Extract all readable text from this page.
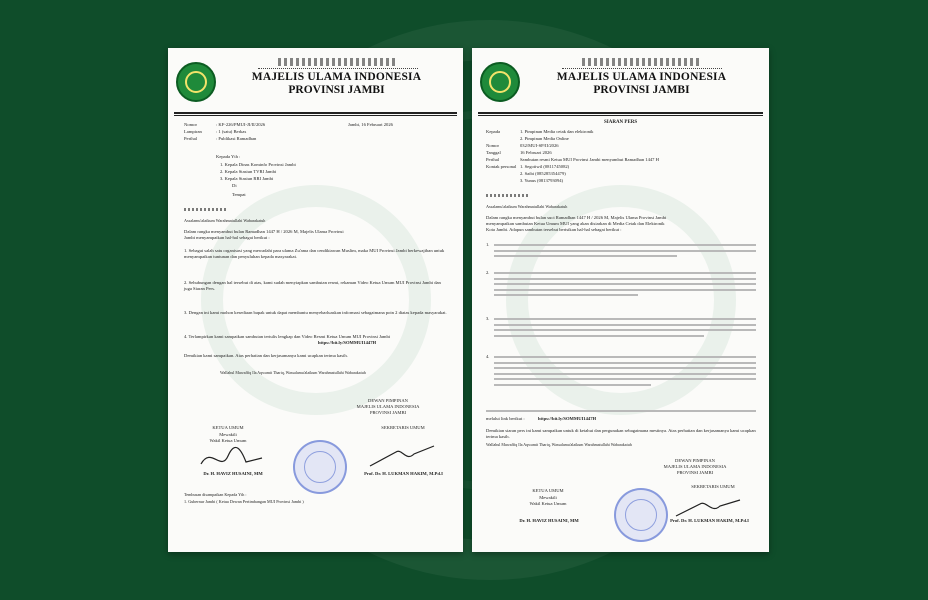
MAJELIS ULAMA INDONESIA
PROVINSI JAMBI
Nomor	: KF-226/PMUI-JI/II/2026	Jambi, 16 Februari 2026
Lampiran	: 1 (satu) Berkas
Perihal	: Publikasi Ramadhan
Kepada Yth :
1. Kepala Dinas Kominfo Provinsi Jambi
2. Kepala Stasiun TVRI Jambi
3. Kepala Stasiun RRI Jambi
Di
Tempat
Assalamu'alaikum Warahmatullahi Wabarakatuh
Dalam rangka menyambut bulan Ramadhan 1447 H / 2026 M, Majelis Ulama Provinsi
Jambi menyampaikan hal-hal sebagai berikut :
1. Sebagai salah satu organisasi yang mewadahi para ulama Zu'ama dan cendikiawan Muslim, maka MUI Provinsi Jambi berkewajiban untuk menyampaikan tuntunan dan penyuluhan kepada masyarakat.
2. Sehubungan dengan hal tersebut di atas, kami sudah menyiapkan sambutan resmi, rekaman Video Ketua Umum MUI Provinsi Jambi dan juga Siaran Pers.
3. Dengan ini kami mohon kesediaan bapak untuk dapat membantu menyebarluaskan informasi sebagaimana poin 2 diatas kepada masyarakat.
4. Terlampirkan kami sampaikan sambutan tertulis lengkap dan Video Resmi Ketua Umum MUI Provinsi Jambi
https://bit.ly/SOMMUI1447H
Demikian kami sampaikan. Atas perhatian dan kerjasamanya kami ucapkan terima kasih.
Wallahul Muwaffiq Ila Aqwamit Thariq, Wassalamu'alaikum Warahmatullahi Wabarakatuh
DEWAN PIMPINAN
MAJELIS ULAMA INDONESIA
PROVINSI JAMBI
KETUA UMUM
Mewakili
Wakil Ketua Umum
SEKRETARIS UMUM
Dr. H. HAVIZ HUSAINI, MM	Prof. Dr. H. LUKMAN HAKIM, M.Pd.I
Tembusan disampaikan Kepada Yth :
1. Gubernur Jambi ( Ketua Dewan Pertimbangan MUI Provinsi Jambi )
MAJELIS ULAMA INDONESIA
PROVINSI JAMBI
SIARAN PERS
Kepada	1. Pimpinan Media cetak dan elektronik
2. Pimpinan Media Online
Nomor	032/MUI-SP/II/2026
Tanggal	16 Februari 2026
Perihal	Sambutan resmi Ketua MUI Provinsi Jambi menyambut Ramadhan 1447 H
Kontak personal 1. Segotiwil (0811745082)
2. Saibi (085285354479)
3. Yunus (0813793094)
Assalamu'alaikum Warahmatullahi Wabarakatuh
Dalam rangka menyambut bulan suci Ramadhan 1447 H / 2026 M, Majelis Ulama Provinsi Jambi
menyampaikan sambutan Ketua Umum MUI yang akan disiarkan di Media Cetak dan Elektronik
Kota Jambi. Adapun sambutan tersebut berisikan hal-hal sebagai berikut :
1.
2.
3.
4.
melalui link berikut :	https://bit.ly/SOMMUI1447H
Demikian siaran pers ini kami sampaikan untuk di ketahui dan pergunakan sebagaimana mestinya. Atas perhatian dan kerjasamanya kami ucapkan terima kasih.
Wallahul Muwaffiq Ila Aqwamit Thariq, Wassalamu'alaikum Warahmatullahi Wabarakatuh
DEWAN PIMPINAN
MAJELIS ULAMA INDONESIA
PROVINSI JAMBI
KETUA UMUM
Mewakili
Wakil Ketua Umum
SEKRETARIS UMUM
Dr. H. HAVIZ HUSAINI, MM	Prof. Dr. H. LUKMAN HAKIM, M.Pd.I
